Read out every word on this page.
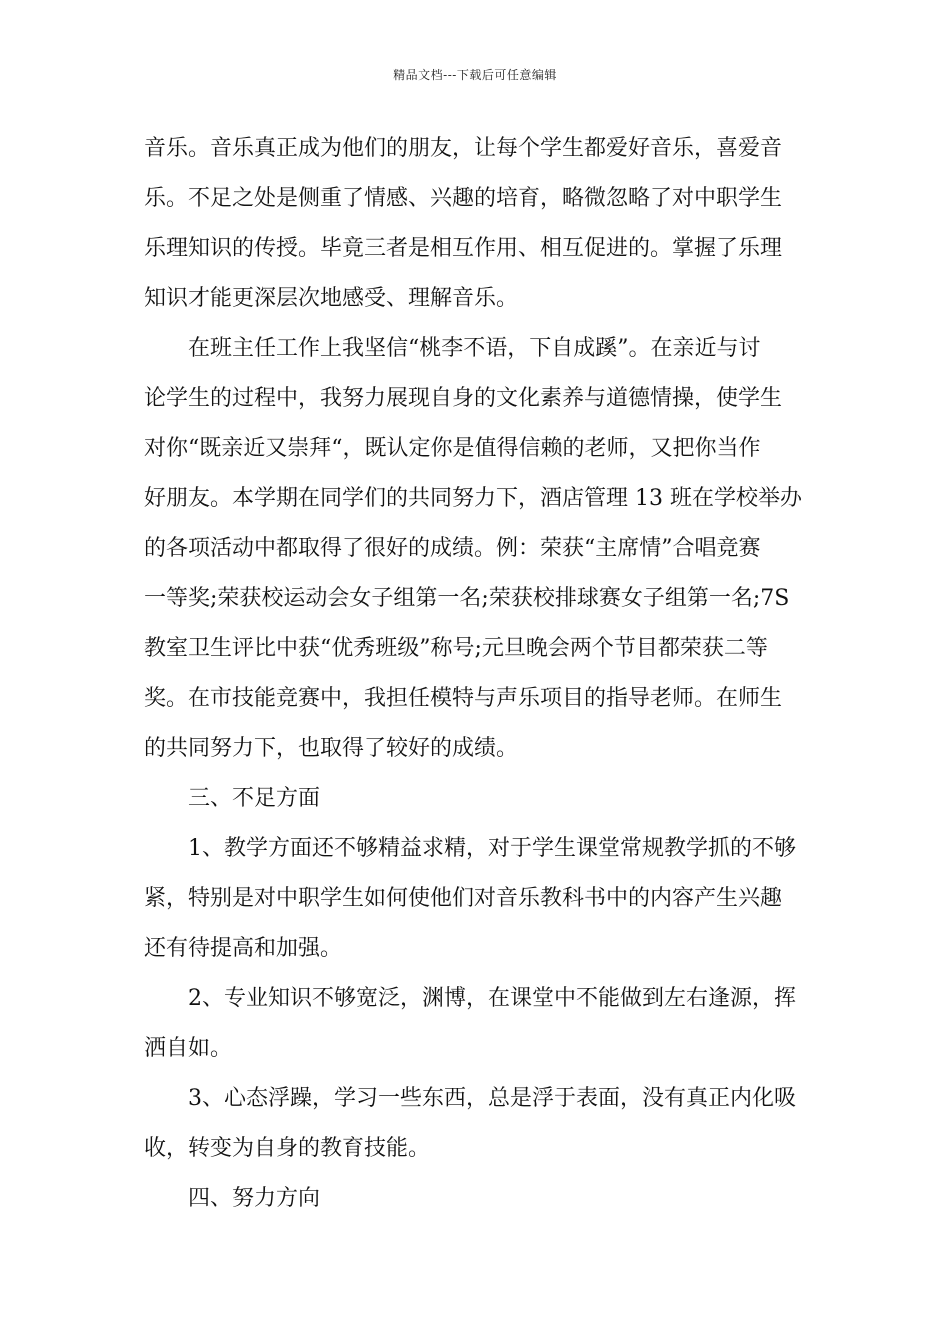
精品文档---下载后可任意编辑
音乐。音乐真正成为他们的朋友，让每个学生都爱好音乐，喜爱音
乐。不足之处是侧重了情感、兴趣的培育，略微忽略了对中职学生
乐理知识的传授。毕竟三者是相互作用、相互促进的。掌握了乐理
知识才能更深层次地感受、理解音乐。
在班主任工作上我坚信“桃李不语，下自成蹊”。在亲近与讨
论学生的过程中，我努力展现自身的文化素养与道德情操，使学生
对你“既亲近又崇拜“，既认定你是值得信赖的老师，又把你当作
好朋友。本学期在同学们的共同努力下，酒店管理 13 班在学校举办
的各项活动中都取得了很好的成绩。例：荣获“主席情”合唱竞赛
一等奖;荣获校运动会女子组第一名;荣获校排球赛女子组第一名;7S
教室卫生评比中获“优秀班级”称号;元旦晚会两个节目都荣获二等
奖。在市技能竞赛中，我担任模特与声乐项目的指导老师。在师生
的共同努力下，也取得了较好的成绩。
三、不足方面
1、教学方面还不够精益求精，对于学生课堂常规教学抓的不够
紧，特别是对中职学生如何使他们对音乐教科书中的内容产生兴趣
还有待提高和加强。
2、专业知识不够宽泛，渊博，在课堂中不能做到左右逢源，挥
洒自如。
3、心态浮躁，学习一些东西，总是浮于表面，没有真正内化吸
收，转变为自身的教育技能。
四、努力方向
